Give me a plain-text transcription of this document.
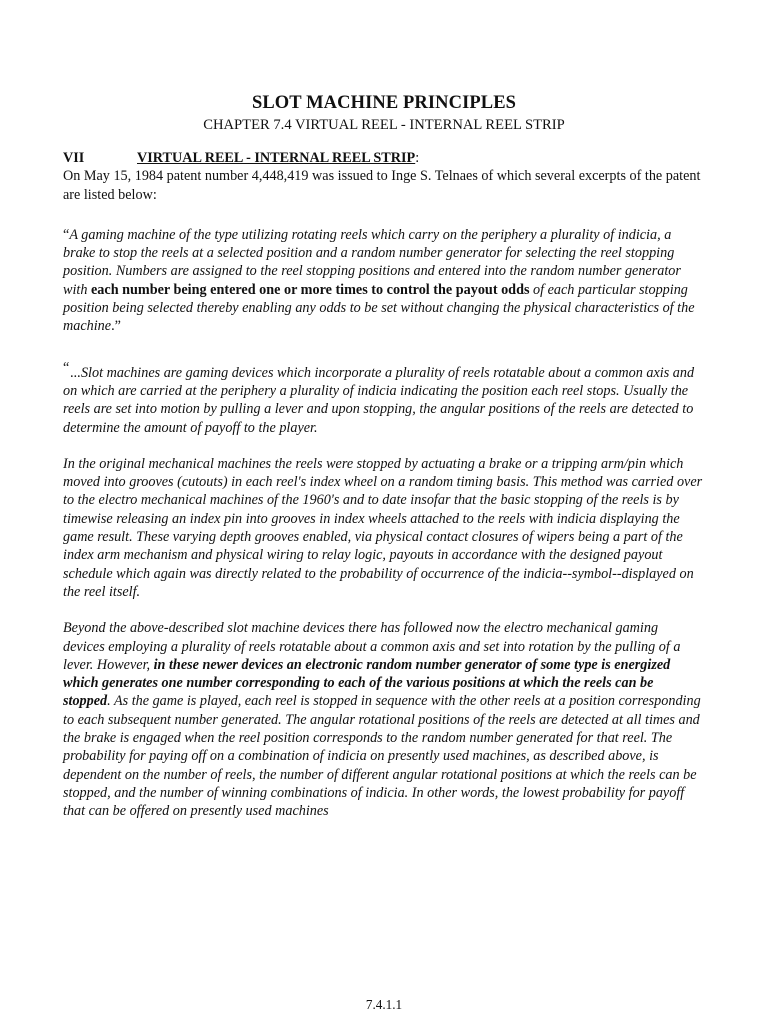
SLOT MACHINE PRINCIPLES
CHAPTER 7.4 VIRTUAL REEL - INTERNAL REEL STRIP

VII	VIRTUAL REEL - INTERNAL REEL STRIP:

On May 15, 1984 patent number 4,448,419 was issued to Inge S. Telnaes of which several excerpts of the patent are listed below:

“A gaming machine of the type utilizing rotating reels which carry on the periphery a plurality of indicia, a brake to stop the reels at a selected position and a random number generator for selecting the reel stopping position. Numbers are assigned to the reel stopping positions and entered into the random number generator with each number being entered one or more times to control the payout odds of each particular stopping position being selected thereby enabling any odds to be set without changing the physical characteristics of the machine.”

“...Slot machines are gaming devices which incorporate a plurality of reels rotatable about a common axis and on which are carried at the periphery a plurality of indicia indicating the position each reel stops. Usually the reels are set into motion by pulling a lever and upon stopping, the angular positions of the reels are detected to determine the amount of payoff to the player.

In the original mechanical machines the reels were stopped by actuating a brake or a tripping arm/pin which moved into grooves (cutouts) in each reel's index wheel on a random timing basis. This method was carried over to the electro mechanical machines of the 1960's and to date insofar that the basic stopping of the reels is by timewise releasing an index pin into grooves in index wheels attached to the reels with indicia displaying the game result. These varying depth grooves enabled, via physical contact closures of wipers being a part of the index arm mechanism and physical wiring to relay logic, payouts in accordance with the designed payout schedule which again was directly related to the probability of occurrence of the indicia--symbol--displayed on the reel itself.

Beyond the above-described slot machine devices there has followed now the electro mechanical gaming devices employing a plurality of reels rotatable about a common axis and set into rotation by the pulling of a lever. However, in these newer devices an electronic random number generator of some type is energized which generates one number corresponding to each of the various positions at which the reels can be stopped. As the game is played, each reel is stopped in sequence with the other reels at a position corresponding to each subsequent number generated. The angular rotational positions of the reels are detected at all times and the brake is engaged when the reel position corresponds to the random number generated for that reel. The probability for paying off on a combination of indicia on presently used machines, as described above, is dependent on the number of reels, the number of different angular rotational positions at which the reels can be stopped, and the number of winning combinations of indicia. In other words, the lowest probability for payoff that can be offered on presently used machines

7.4.1.1
